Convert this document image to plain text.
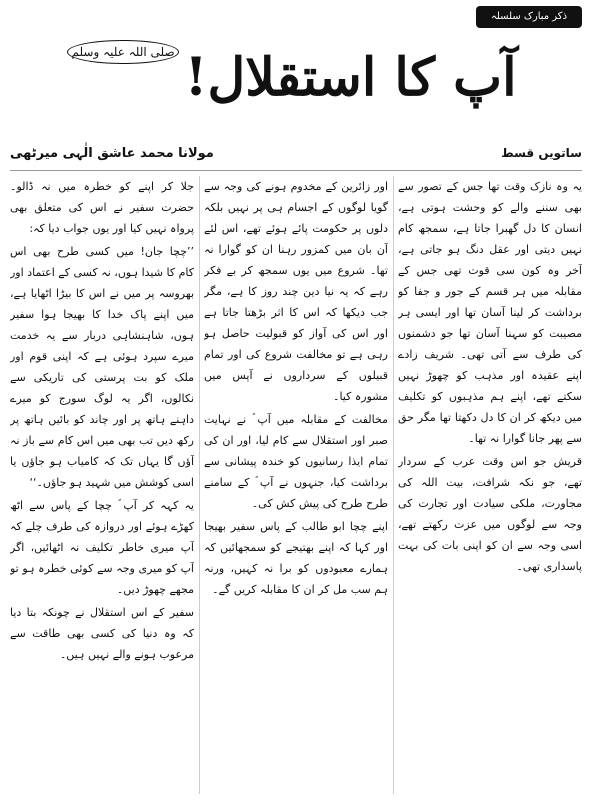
ذکر مبارک سلسلہ
آپ کا استقلال!
صلی اللہ علیہ وسلم
ساتویں قسط
مولانا محمد عاشق الٰہی میرٹھی

یہ وہ نازک وقت تھا جس کے تصور سے بھی سننے والے کو وحشت ہوتی ہے، انسان کا دل گھبرا جاتا ہے، سمجھ کام نہیں دیتی اور عقل دنگ ہو جاتی ہے، آخر وہ کون سی قوت تھی جس کے مقابلہ میں ہر قسم کے جور و جفا کو برداشت کر لینا آسان تھا اور ایسی ہر مصیبت کو سہنا آسان تھا جو دشمنوں کی طرف سے آتی تھی۔ شریف زادے اپنے عقیدہ اور مذہب کو چھوڑ نہیں سکتے تھے، اپنے ہم مذہبوں کو تکلیف میں دیکھ کر ان کا دل دکھتا تھا مگر حق سے پھر جانا گوارا نہ تھا۔

قریش جو اس وقت عرب کے سردار تھے، جو نکہ شرافت، بیت اللہ کی مجاورت، ملکی سیادت اور تجارت کی وجہ سے لوگوں میں عزت رکھتے تھے، اسی وجہ سے ان کو اپنی بات کی بہت پاسداری تھی۔

اور زائرین کے مخدوم ہونے کی وجہ سے گویا لوگوں کے اجسام ہی پر نہیں بلکہ دلوں پر حکومت پائے ہوئے تھے، اس لئے آن بان میں کمزور رہنا ان کو گوارا نہ تھا۔ شروع میں یوں سمجھ کر بے فکر رہے کہ یہ نیا دین چند روز کا ہے، مگر جب دیکھا کہ اس کا اثر بڑھتا جاتا ہے اور اس کی آواز کو قبولیت حاصل ہو رہی ہے تو مخالفت شروع کی اور تمام قبیلوں کے سرداروں نے آپس میں مشورہ کیا۔

مخالفت کے مقابلہ میں آپ ؐ نے نہایت صبر اور استقلال سے کام لیا، اور ان کی تمام ایذا رسانیوں کو خندہ پیشانی سے برداشت کیا، جنہوں نے آپ ؐ کے سامنے طرح طرح کی پیش کش کی۔

اپنے چچا ابو طالب کے پاس سفیر بھیجا اور کہا کہ اپنے بھتیجے کو سمجھائیں کہ ہمارے معبودوں کو برا نہ کہیں، ورنہ ہم سب مل کر ان کا مقابلہ کریں گے۔

جلا کر اپنے کو خطرہ میں نہ ڈالو۔ حضرت سفیر نے اس کی متعلق بھی پرواہ نہیں کیا اور یوں جواب دیا کہ:

’’چچا جان! میں کسی طرح بھی اس کام کا شیدا ہوں، نہ کسی کے اعتماد اور بھروسہ پر میں نے اس کا بیڑا اٹھایا ہے، میں اپنے پاک خدا کا بھیجا ہوا سفیر ہوں، شاہنشاہی دربار سے یہ خدمت میرے سپرد ہوئی ہے کہ اپنی قوم اور ملک کو بت پرستی کی تاریکی سے نکالوں، اگر یہ لوگ سورج کو میرے داہنے ہاتھ پر اور چاند کو بائیں ہاتھ پر رکھ دیں تب بھی میں اس کام سے باز نہ آؤں گا یہاں تک کہ کامیاب ہو جاؤں یا اسی کوشش میں شہید ہو جاؤں۔‘‘

یہ کہہ کر آپ ؐ چچا کے پاس سے اٹھ کھڑے ہوئے اور دروازہ کی طرف چلے کہ آپ میری خاطر تکلیف نہ اٹھائیں، اگر آپ کو میری وجہ سے کوئی خطرہ ہو تو مجھے چھوڑ دیں۔

سفیر کے اس استقلال نے چونکہ بتا دیا کہ وہ دنیا کی کسی بھی طاقت سے مرعوب ہونے والے نہیں ہیں۔
